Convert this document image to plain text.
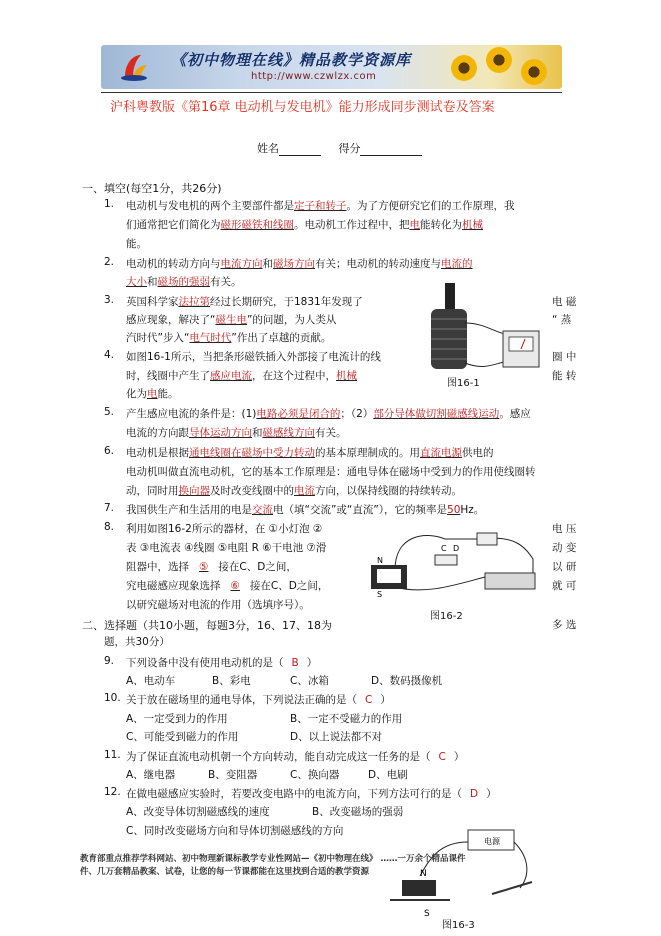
《初中物理在线》精品教学资源库
http://www.czwlzx.com
沪科粤教版《第16章 电动机与发电机》能力形成同步测试卷及答案
姓名	得分
一、填空(每空1分，共26分)
1. 电动机与发电机的两个主要部件都是定子和转子。为了方便研究它们的工作原理，我
们通常把它们简化为磁形磁铁和线圈。电动机工作过程中，把电能转化为机械
能。
2. 电动机的转动方向与电流方向和磁场方向有关；电动机的转动速度与电流的
大小和磁场的强弱有关。
3. 英国科学家法拉第经过长期研究，于1831年发现了	电 磁
感应现象，解决了“磁生电”的问题，为人类从	“ 蒸
汽时代”步入“电气时代”作出了卓越的贡献。
图16-1
4. 如图16-1所示，当把条形磁铁插入外部接了电流计的线	圈 中
时，线圈中产生了感应电流，在这个过程中，机械	能 转
化为电能。
5. 产生感应电流的条件是：(1)电路必须是闭合的；（2）部分导体做切割磁感线运动。感应
电流的方向跟导体运动方向和磁感线方向有关。
6. 电动机是根据通电线圈在磁场中受力转动的基本原理制成的。用直流电源供电的
电动机叫做直流电动机，它的基本工作原理是：通电导体在磁场中受到力的作用使线圈转
动，同时用换向器及时改变线圈中的电流方向，以保持线圈的持续转动。
7. 我国供生产和生活用的电是交流电（填“交流”或“直流”），它的频率是50Hz。
8. 利用如图16-2所示的器材，在 ①小灯泡 ②	电 压
表 ③电流表 ④线圈 ⑤电阻 R ⑥干电池 ⑦滑	动 变
阻器中，选择 ⑤ 接在C、D之间，	以 研
究电磁感应现象选择 ⑥ 接在C、D之间，	就 可
以研究磁场对电流的作用（选填序号）。
N
S
C D
图16-2
二、选择题（共10小题，每题3分，16、17、18为	多 选
题，共30分）
9. 下列设备中没有使用电动机的是（ B ）
A、电动车	B、彩电	C、冰箱	D、数码摄像机
10. 关于放在磁场里的通电导体，下列说法正确的是（ C ）
A、一定受到力的作用	B、一定不受磁力的作用
C、可能受到磁力的作用	D、以上说法都不对
11. 为了保证直流电动机朝一个方向转动，能自动完成这一任务的是（ C ）
A、继电器	B、变阻器	C、换向器	D、电刷
12. 在做电磁感应实验时，若要改变电路中的电流方向，下列方法可行的是（ D ）
A、改变导体切割磁感线的速度	B、改变磁场的强弱
C、同时改变磁场方向和导体切割磁感线的方向
电源
N
S
教育部重点推荐学科网站、初中物理新课标教学专业性网站—《初中物理在线》 ……一万余个精品课件
件、几万套精品教案、试卷，让您的每一节课都能在这里找到合适的教学资源
图16-3
